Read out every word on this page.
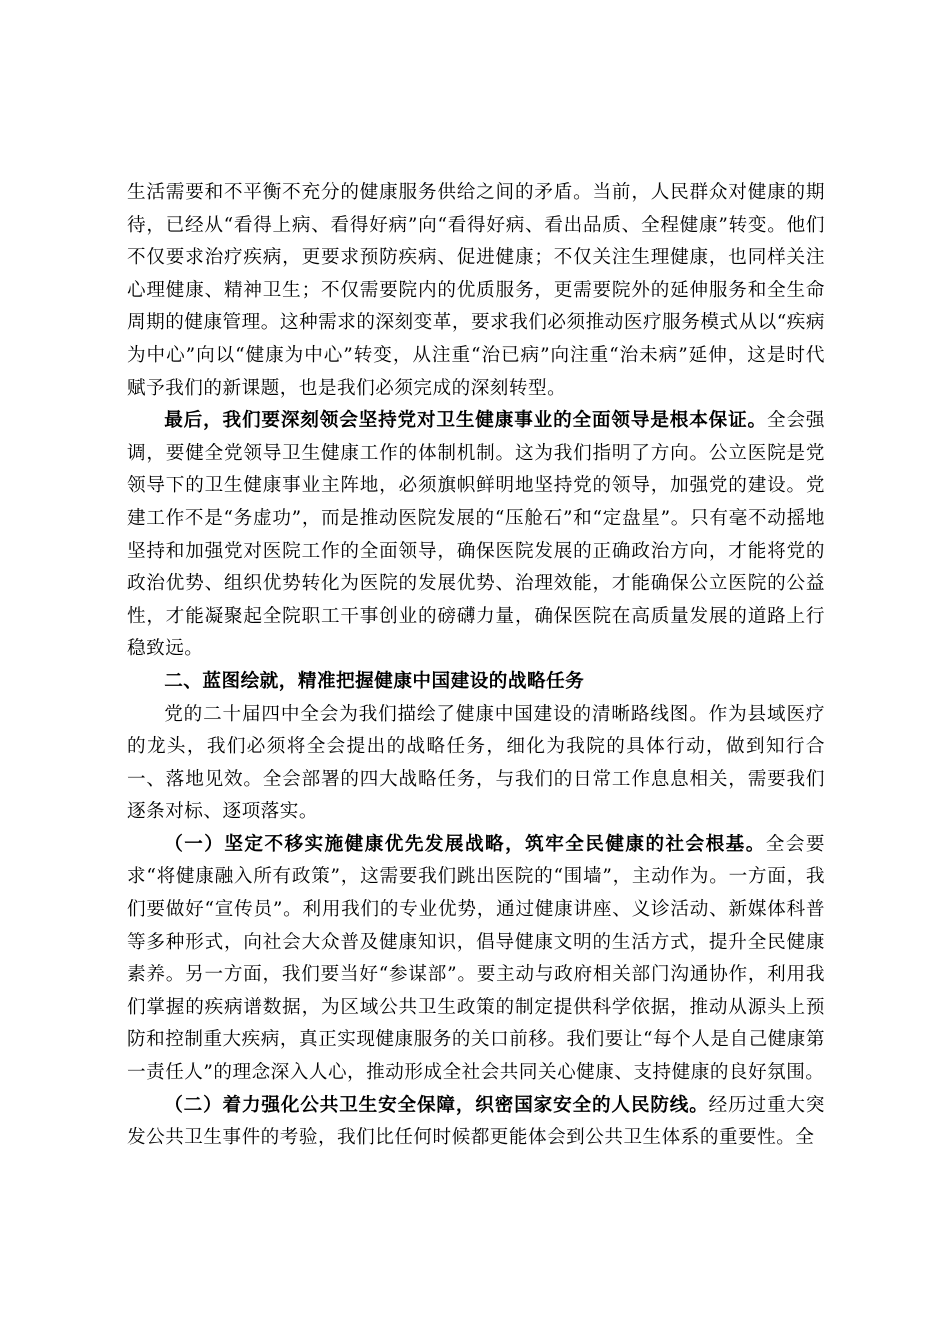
生活需要和不平衡不充分的健康服务供给之间的矛盾。当前，人民群众对健康的期待，已经从“看得上病、看得好病”向“看得好病、看出品质、全程健康”转变。他们不仅要求治疗疾病，更要求预防疾病、促进健康；不仅关注生理健康，也同样关注心理健康、精神卫生；不仅需要院内的优质服务，更需要院外的延伸服务和全生命周期的健康管理。这种需求的深刻变革，要求我们必须推动医疗服务模式从以“疾病为中心”向以“健康为中心”转变，从注重“治已病”向注重“治未病”延伸，这是时代赋予我们的新课题，也是我们必须完成的深刻转型。

最后，我们要深刻领会坚持党对卫生健康事业的全面领导是根本保证。全会强调，要健全党领导卫生健康工作的体制机制。这为我们指明了方向。公立医院是党领导下的卫生健康事业主阵地，必须旗帜鲜明地坚持党的领导，加强党的建设。党建工作不是“务虚功”，而是推动医院发展的“压舱石”和“定盘星”。只有毫不动摇地坚持和加强党对医院工作的全面领导，确保医院发展的正确政治方向，才能将党的政治优势、组织优势转化为医院的发展优势、治理效能，才能确保公立医院的公益性，才能凝聚起全院职工干事创业的磅礴力量，确保医院在高质量发展的道路上行稳致远。

二、蓝图绘就，精准把握健康中国建设的战略任务

党的二十届四中全会为我们描绘了健康中国建设的清晰路线图。作为县域医疗的龙头，我们必须将全会提出的战略任务，细化为我院的具体行动，做到知行合一、落地见效。全会部署的四大战略任务，与我们的日常工作息息相关，需要我们逐条对标、逐项落实。

（一）坚定不移实施健康优先发展战略，筑牢全民健康的社会根基。全会要求“将健康融入所有政策”，这需要我们跳出医院的“围墙”，主动作为。一方面，我们要做好“宣传员”。利用我们的专业优势，通过健康讲座、义诊活动、新媒体科普等多种形式，向社会大众普及健康知识，倡导健康文明的生活方式，提升全民健康素养。另一方面，我们要当好“参谋部”。要主动与政府相关部门沟通协作，利用我们掌握的疾病谱数据，为区域公共卫生政策的制定提供科学依据，推动从源头上预防和控制重大疾病，真正实现健康服务的关口前移。我们要让“每个人是自己健康第一责任人”的理念深入人心，推动形成全社会共同关心健康、支持健康的良好氛围。

（二）着力强化公共卫生安全保障，织密国家安全的人民防线。经历过重大突发公共卫生事件的考验，我们比任何时候都更能体会到公共卫生体系的重要性。全
